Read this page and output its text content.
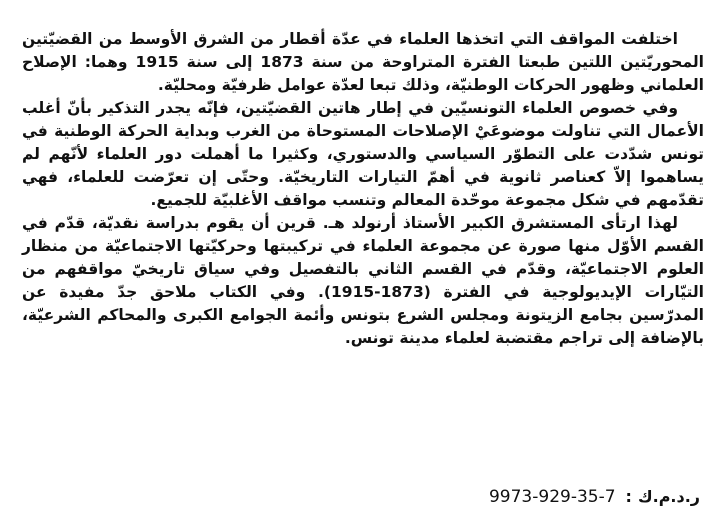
اختلفت المواقف التي اتخذها العلماء في عدّة أقطار من الشرق الأوسط من القضيّتين المحوريّتين اللتين طبعتا الفترة المتراوحة من سنة 1873 إلى سنة 1915 وهما: الإصلاح العلماني وظهور الحركات الوطنيّة، وذلك تبعا لعدّة عوامل ظرفيّة ومحليّة.

وفي خصوص العلماء التونسيّين في إطار هاتين القضيّتين، فإنّه يجدر التذكير بأنّ أغلب الأعمال التي تناولت موضوعَيْ الإصلاحات المستوحاة من الغرب وبداية الحركة الوطنية في تونس شدّدت على التطوّر السياسي والدستوري، وكثيرا ما أهملت دور العلماء لأنّهم لم يساهموا إلاّ كعناصر ثانوية في أهمّ التيارات التاريخيّة. وحتّى إن تعرّضت للعلماء، فهي تقدّمهم في شكل مجموعة موحّدة المعالم وتنسب مواقف الأغلبيّة للجميع.

لهذا ارتأى المستشرق الكبير الأستاذ أرنولد هـ. قرين أن يقوم بدراسة نقديّة، قدّم في القسم الأوّل منها صورة عن مجموعة العلماء في تركيبتها وحركيّتها الاجتماعيّة من منظار العلوم الاجتماعيّة، وقدّم في القسم الثاني بالتفصيل وفي سياق تاريخيّ مواقفهم من التيّارات الإيديولوجية في الفترة (1873-1915). وفي الكتاب ملاحق جدّ مفيدة عن المدرّسين بجامع الزيتونة ومجلس الشرع بتونس وأئمة الجوامع الكبرى والمحاكم الشرعيّة، بالإضافة إلى تراجم مقتضبة لعلماء مدينة تونس.

ر.د.م.ك:9973-929-35-7
